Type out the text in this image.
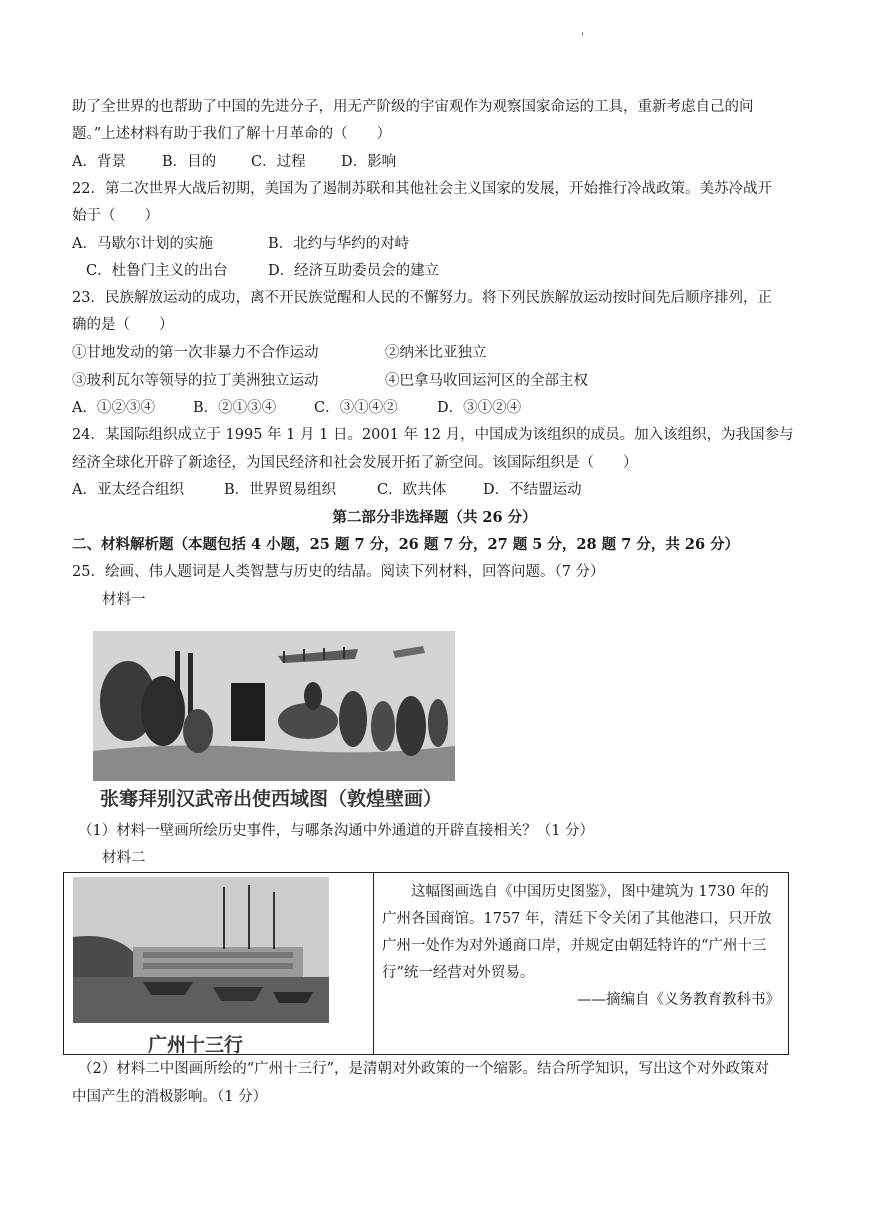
'
助了全世界的也帮助了中国的先进分子，用无产阶级的宇宙观作为观察国家命运的工具，重新考虑自己的问
题。”上述材料有助于我们了解十月革命的（　　）
A．背景 B．目的 C．过程 D．影响
22．第二次世界大战后初期，美国为了遏制苏联和其他社会主义国家的发展，开始推行冷战政策。美苏冷战开
始于（　　）
A．马歇尔计划的实施	B．北约与华约的对峙
C．杜鲁门主义的出台	D．经济互助委员会的建立
23．民族解放运动的成功，离不开民族觉醒和人民的不懈努力。将下列民族解放运动按时间先后顺序排列，正
确的是（　　）
①甘地发动的第一次非暴力不合作运动	②纳米比亚独立
③玻利瓦尔等领导的拉丁美洲独立运动	④巴拿马收回运河区的全部主权
A．①②③④	B．②①③④	C．③①④②	D．③①②④
24．某国际组织成立于 1995 年 1 月 1 日。2001 年 12 月，中国成为该组织的成员。加入该组织，为我国参与
经济全球化开辟了新途径，为国民经济和社会发展开拓了新空间。该国际组织是（　　）
A．亚太经合组织	B．世界贸易组织	C．欧共体	D．不结盟运动
第二部分非选择题（共 26 分）
二、材料解析题（本题包括 4 小题，25 题 7 分，26 题 7 分，27 题 5 分，28 题 7 分，共 26 分）
25．绘画、伟人题词是人类智慧与历史的结晶。阅读下列材料，回答问题。（7 分）
材料一
张骞拜别汉武帝出使西域图（敦煌壁画）
（1）材料一壁画所绘历史事件，与哪条沟通中外通道的开辟直接相关？（1 分）
材料二
广州十三行

这幅图画选自《中国历史图鉴》，图中建筑为 1730 年的广州各国商馆。1757 年，清廷下令关闭了其他港口，只开放广州一处作为对外通商口岸，并规定由朝廷特许的“广州十三行”统一经营对外贸易。

——摘编自《义务教育教科书》

（2）材料二中图画所绘的“广州十三行”，是清朝对外政策的一个缩影。结合所学知识，写出这个对外政策对
中国产生的消极影响。（1 分）
